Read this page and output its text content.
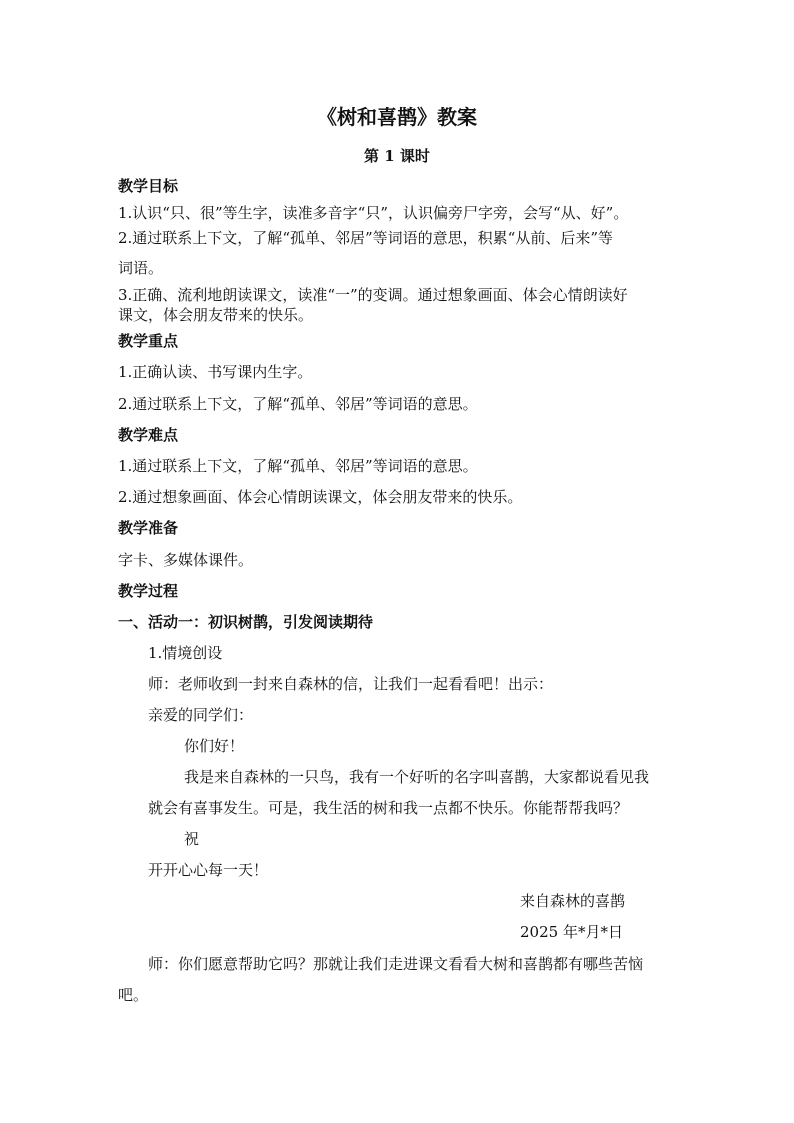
《树和喜鹊》教案
第 1 课时
教学目标
1.认识“只、很”等生字，读准多音字“只”，认识偏旁尸字旁，会写“从、好”。
2.通过联系上下文，了解“孤单、邻居”等词语的意思，积累“从前、后来”等
词语。
3.正确、流利地朗读课文，读准“一”的变调。通过想象画面、体会心情朗读好
课文，体会朋友带来的快乐。
教学重点
1.正确认读、书写课内生字。
2.通过联系上下文，了解“孤单、邻居”等词语的意思。
教学难点
1.通过联系上下文，了解“孤单、邻居”等词语的意思。
2.通过想象画面、体会心情朗读课文，体会朋友带来的快乐。
教学准备
字卡、多媒体课件。
教学过程
一、活动一：初识树鹊，引发阅读期待
1.情境创设
师：老师收到一封来自森林的信，让我们一起看看吧！出示：
亲爱的同学们：
你们好！
我是来自森林的一只鸟，我有一个好听的名字叫喜鹊，大家都说看见我
就会有喜事发生。可是，我生活的树和我一点都不快乐。你能帮帮我吗？
祝
开开心心每一天！
来自森林的喜鹊
2025 年*月*日
师：你们愿意帮助它吗？那就让我们走进课文看看大树和喜鹊都有哪些苦恼
吧。
